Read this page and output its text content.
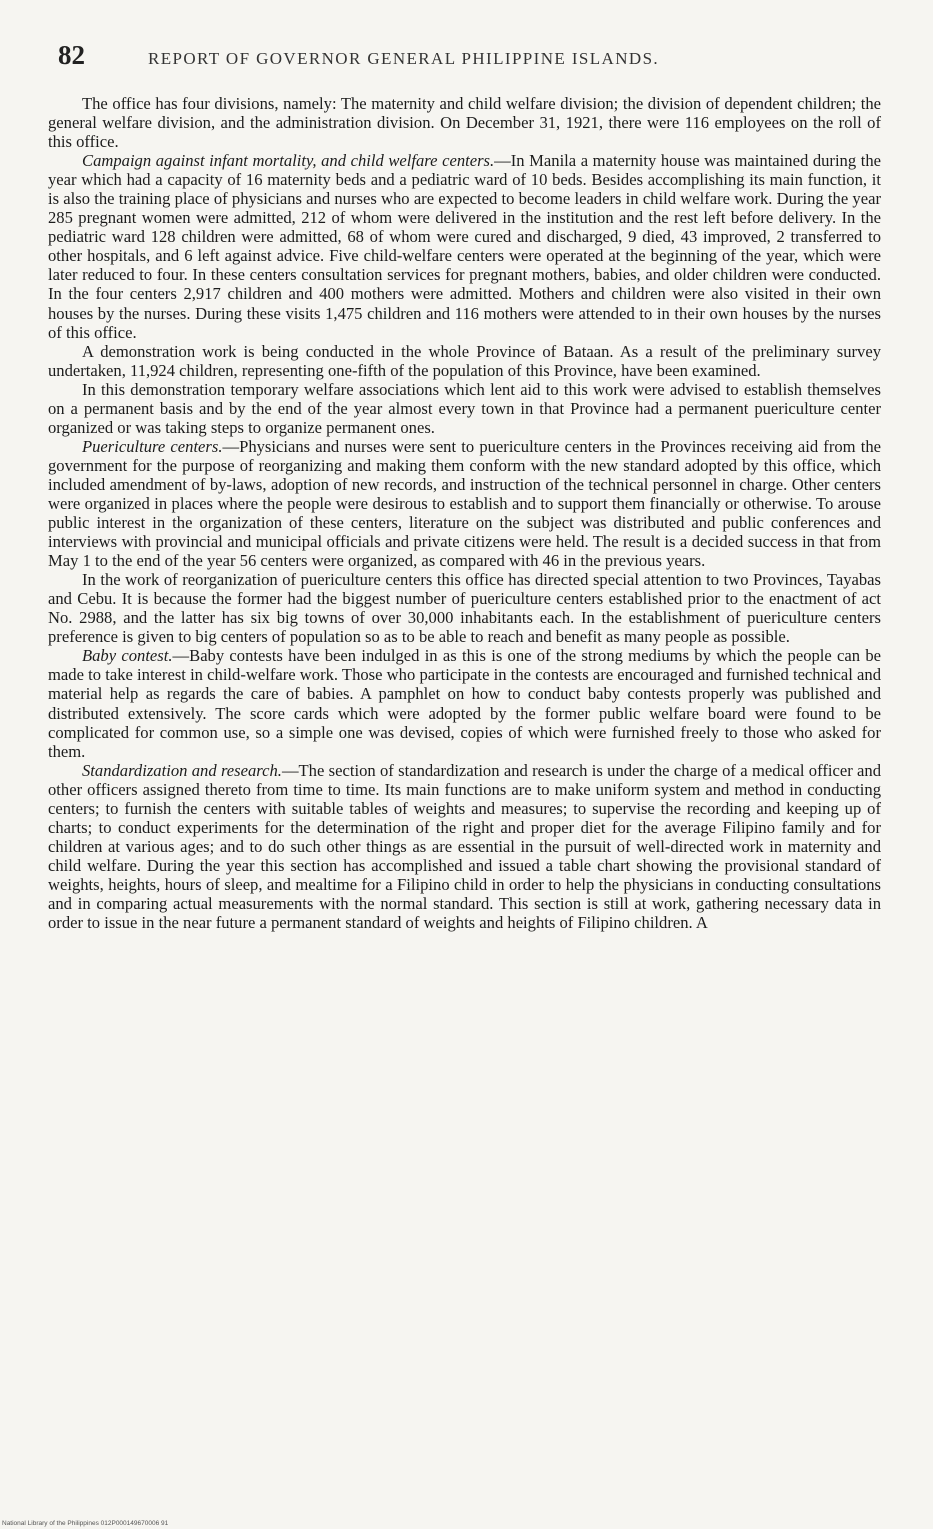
82	REPORT OF GOVERNOR GENERAL PHILIPPINE ISLANDS.

The office has four divisions, namely: The maternity and child welfare division; the division of dependent children; the general welfare division, and the administration division. On December 31, 1921, there were 116 employees on the roll of this office.

Campaign against infant mortality, and child welfare centers.—In Manila a maternity house was maintained during the year which had a capacity of 16 maternity beds and a pediatric ward of 10 beds. Besides accomplishing its main function, it is also the training place of physicians and nurses who are expected to become leaders in child welfare work. During the year 285 pregnant women were admitted, 212 of whom were delivered in the institution and the rest left before delivery. In the pediatric ward 128 children were admitted, 68 of whom were cured and discharged, 9 died, 43 improved, 2 transferred to other hospitals, and 6 left against advice. Five child-welfare centers were operated at the beginning of the year, which were later reduced to four. In these centers consultation services for pregnant mothers, babies, and older children were conducted. In the four centers 2,917 children and 400 mothers were admitted. Mothers and children were also visited in their own houses by the nurses. During these visits 1,475 children and 116 mothers were attended to in their own houses by the nurses of this office.

A demonstration work is being conducted in the whole Province of Bataan. As a result of the preliminary survey undertaken, 11,924 children, representing one-fifth of the population of this Province, have been examined.

In this demonstration temporary welfare associations which lent aid to this work were advised to establish themselves on a permanent basis and by the end of the year almost every town in that Province had a permanent puericulture center organized or was taking steps to organize permanent ones.

Puericulture centers.—Physicians and nurses were sent to puericulture centers in the Provinces receiving aid from the government for the purpose of reorganizing and making them conform with the new standard adopted by this office, which included amendment of by-laws, adoption of new records, and instruction of the technical personnel in charge. Other centers were organized in places where the people were desirous to establish and to support them financially or otherwise. To arouse public interest in the organization of these centers, literature on the subject was distributed and public conferences and interviews with provincial and municipal officials and private citizens were held. The result is a decided success in that from May 1 to the end of the year 56 centers were organized, as compared with 46 in the previous years.

In the work of reorganization of puericulture centers this office has directed special attention to two Provinces, Tayabas and Cebu. It is because the former had the biggest number of puericulture centers established prior to the enactment of act No. 2988, and the latter has six big towns of over 30,000 inhabitants each. In the establishment of puericulture centers preference is given to big centers of population so as to be able to reach and benefit as many people as possible.

Baby contest.—Baby contests have been indulged in as this is one of the strong mediums by which the people can be made to take interest in child-welfare work. Those who participate in the contests are encouraged and furnished technical and material help as regards the care of babies. A pamphlet on how to conduct baby contests properly was published and distributed extensively. The score cards which were adopted by the former public welfare board were found to be complicated for common use, so a simple one was devised, copies of which were furnished freely to those who asked for them.

Standardization and research.—The section of standardization and research is under the charge of a medical officer and other officers assigned thereto from time to time. Its main functions are to make uniform system and method in conducting centers; to furnish the centers with suitable tables of weights and measures; to supervise the recording and keeping up of charts; to conduct experiments for the determination of the right and proper diet for the average Filipino family and for children at various ages; and to do such other things as are essential in the pursuit of well-directed work in maternity and child welfare. During the year this section has accomplished and issued a table chart showing the provisional standard of weights, heights, hours of sleep, and mealtime for a Filipino child in order to help the physicians in conducting consultations and in comparing actual measurements with the normal standard. This section is still at work, gathering necessary data in order to issue in the near future a permanent standard of weights and heights of Filipino children. A

National Library of the Philippines 012P000149670006 91
